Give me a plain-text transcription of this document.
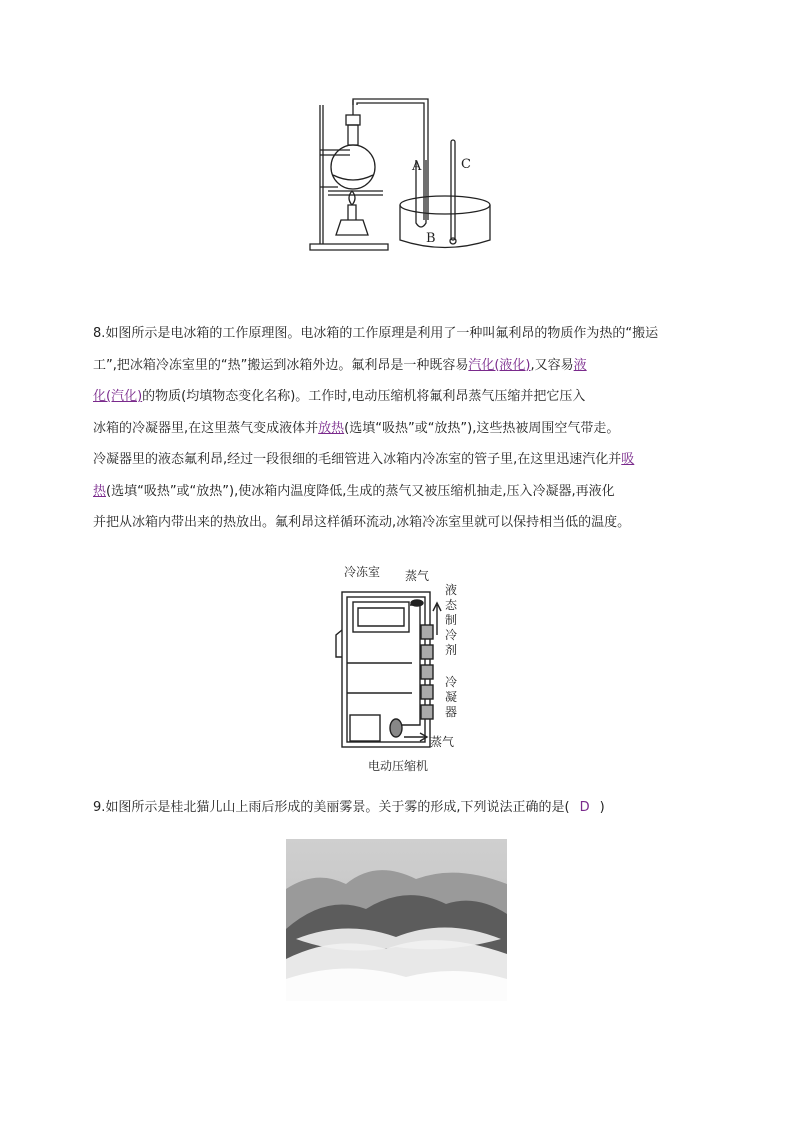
A
B
C
8.如图所示是电冰箱的工作原理图。电冰箱的工作原理是利用了一种叫氟利昂的物质作为热的“搬运
工”,把冰箱冷冻室里的“热”搬运到冰箱外边。氟利昂是一种既容易汽化(液化),又容易液
化(汽化)的物质(均填物态变化名称)。工作时,电动压缩机将氟利昂蒸气压缩并把它压入
冰箱的冷凝器里,在这里蒸气变成液体并放热(选填“吸热”或“放热”),这些热被周围空气带走。
冷凝器里的液态氟利昂,经过一段很细的毛细管进入冰箱内冷冻室的管子里,在这里迅速汽化并吸
热(选填“吸热”或“放热”),使冰箱内温度降低,生成的蒸气又被压缩机抽走,压入冷凝器,再液化
并把从冰箱内带出来的热放出。氟利昂这样循环流动,冰箱冷冻室里就可以保持相当低的温度。
冷冻室 蒸气
液态制冷剂
冷凝器
蒸气
电动压缩机
9.如图所示是桂北猫儿山上雨后形成的美丽雾景。关于雾的形成,下列说法正确的是( D )
